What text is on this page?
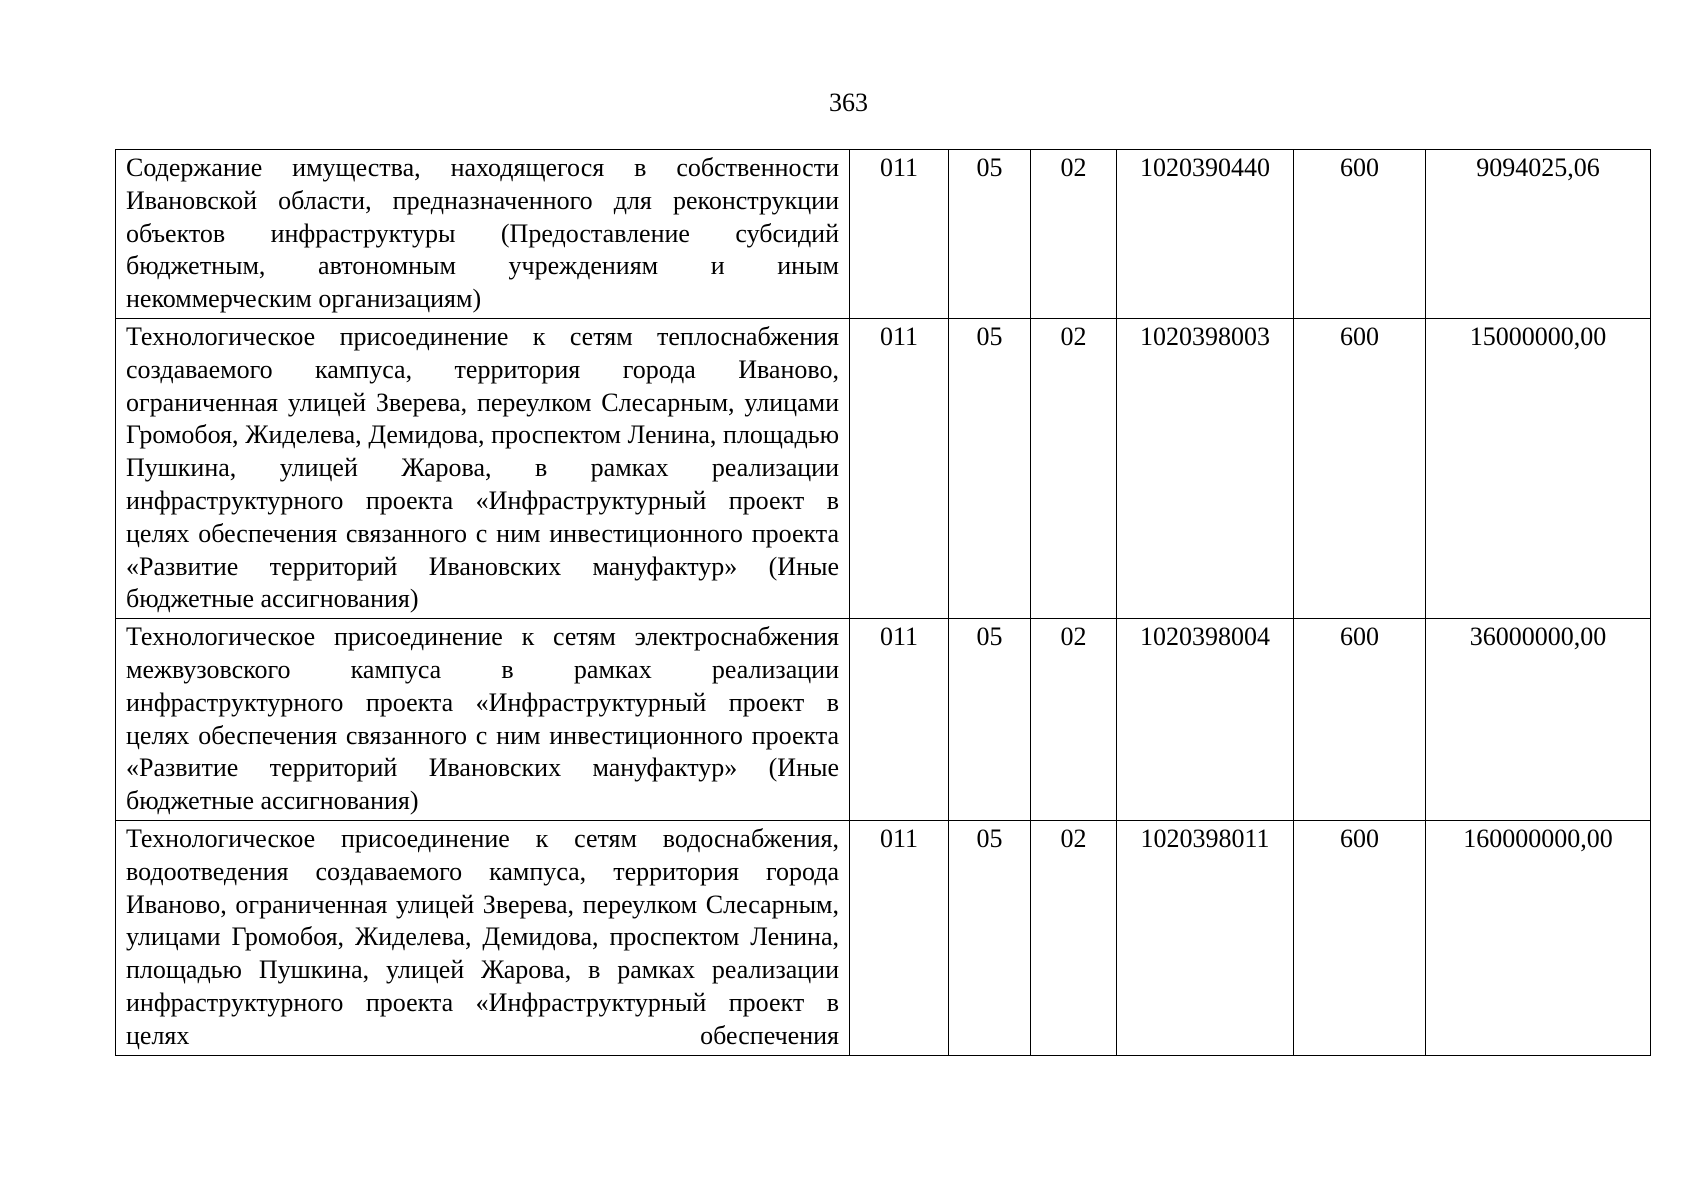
363
Содержание имущества, находящегося в собственности Ивановской области, предназначенного для реконструкции объектов инфраструктуры (Предоставление субсидий бюджетным, автономным учреждениям и иным некоммерческим организациям)	011	05	02	1020390440	600	9094025,06
Технологическое присоединение к сетям теплоснабжения создаваемого кампуса, территория города Иваново, ограниченная улицей Зверева, переулком Слесарным, улицами Громобоя, Жиделева, Демидова, проспектом Ленина, площадью Пушкина, улицей Жарова, в рамках реализации инфраструктурного проекта «Инфраструктурный проект в целях обеспечения связанного с ним инвестиционного проекта «Развитие территорий Ивановских мануфактур» (Иные бюджетные ассигнования)	011	05	02	1020398003	600	15000000,00
Технологическое присоединение к сетям электроснабжения межвузовского кампуса в рамках реализации инфраструктурного проекта «Инфраструктурный проект в целях обеспечения связанного с ним инвестиционного проекта «Развитие территорий Ивановских мануфактур» (Иные бюджетные ассигнования)	011	05	02	1020398004	600	36000000,00
Технологическое присоединение к сетям водоснабжения, водоотведения создаваемого кампуса, территория города Иваново, ограниченная улицей Зверева, переулком Слесарным, улицами Громобоя, Жиделева, Демидова, проспектом Ленина, площадью Пушкина, улицей Жарова, в рамках реализации инфраструктурного проекта «Инфраструктурный проект в целях обеспечения	011	05	02	1020398011	600	160000000,00
